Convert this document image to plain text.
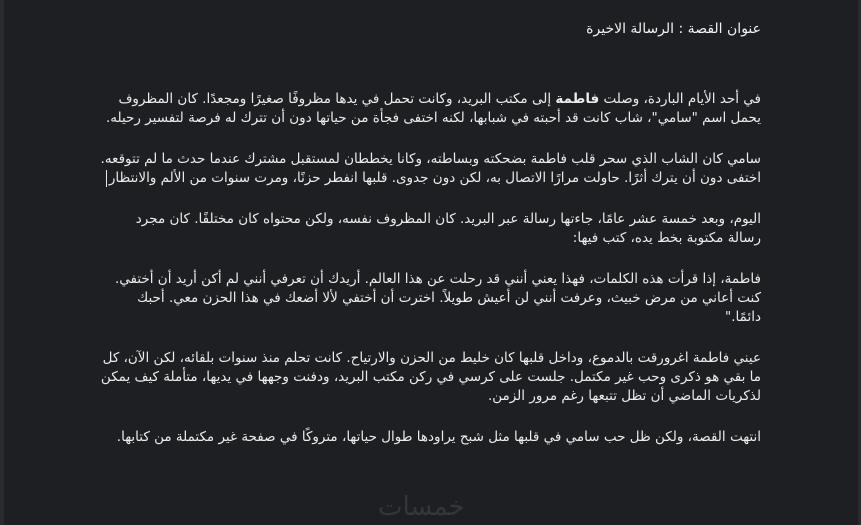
عنوان القصة : الرسالة الاخيرة

في أحد الأيام الباردة، وصلت فاطمة إلى مكتب البريد، وكانت تحمل في يدها مظروفًا صغيرًا ومجعدًا. كان المظروف يحمل اسم "سامي"، شاب كانت قد أحبته في شبابها، لكنه اختفى فجأة من حياتها دون أن تترك له فرصة لتفسير رحيله.

سامي كان الشاب الذي سحر قلب فاطمة بضحكته وبساطته، وكانا يخططان لمستقبل مشترك عندما حدث ما لم تتوقعه. اختفى دون أن يترك أثرًا. حاولت مرارًا الاتصال به، لكن دون جدوى. قلبها انفطر حزنًا، ومرت سنوات من الألم والانتظار

اليوم، وبعد خمسة عشر عامًا، جاءتها رسالة عبر البريد. كان المظروف نفسه، ولكن محتواه كان مختلفًا. كان مجرد رسالة مكتوبة بخط يده، كتب فيها:

فاطمة، إذا قرأت هذه الكلمات، فهذا يعني أنني قد رحلت عن هذا العالم. أريدك أن تعرفي أنني لم أكن أريد أن أختفي. كنت أعاني من مرض خبيث، وعرفت أنني لن أعيش طويلاً. اخترت أن أختفي لألا أضعك في هذا الحزن معي. أحبك دائمًا."

عيني فاطمة اغرورقت بالدموع، وداخل قلبها كان خليط من الحزن والارتياح. كانت تحلم منذ سنوات بلقائه، لكن الآن، كل ما بقي هو ذكرى وحب غير مكتمل. جلست على كرسي في ركن مكتب البريد، ودفنت وجهها في يديها، متأملة كيف يمكن لذكريات الماضي أن تظل تتبعها رغم مرور الزمن.

انتهت القصة، ولكن ظل حب سامي في قلبها مثل شبح يراودها طوال حياتها، متروكًا في صفحة غير مكتملة من كتابها.

خمسات
